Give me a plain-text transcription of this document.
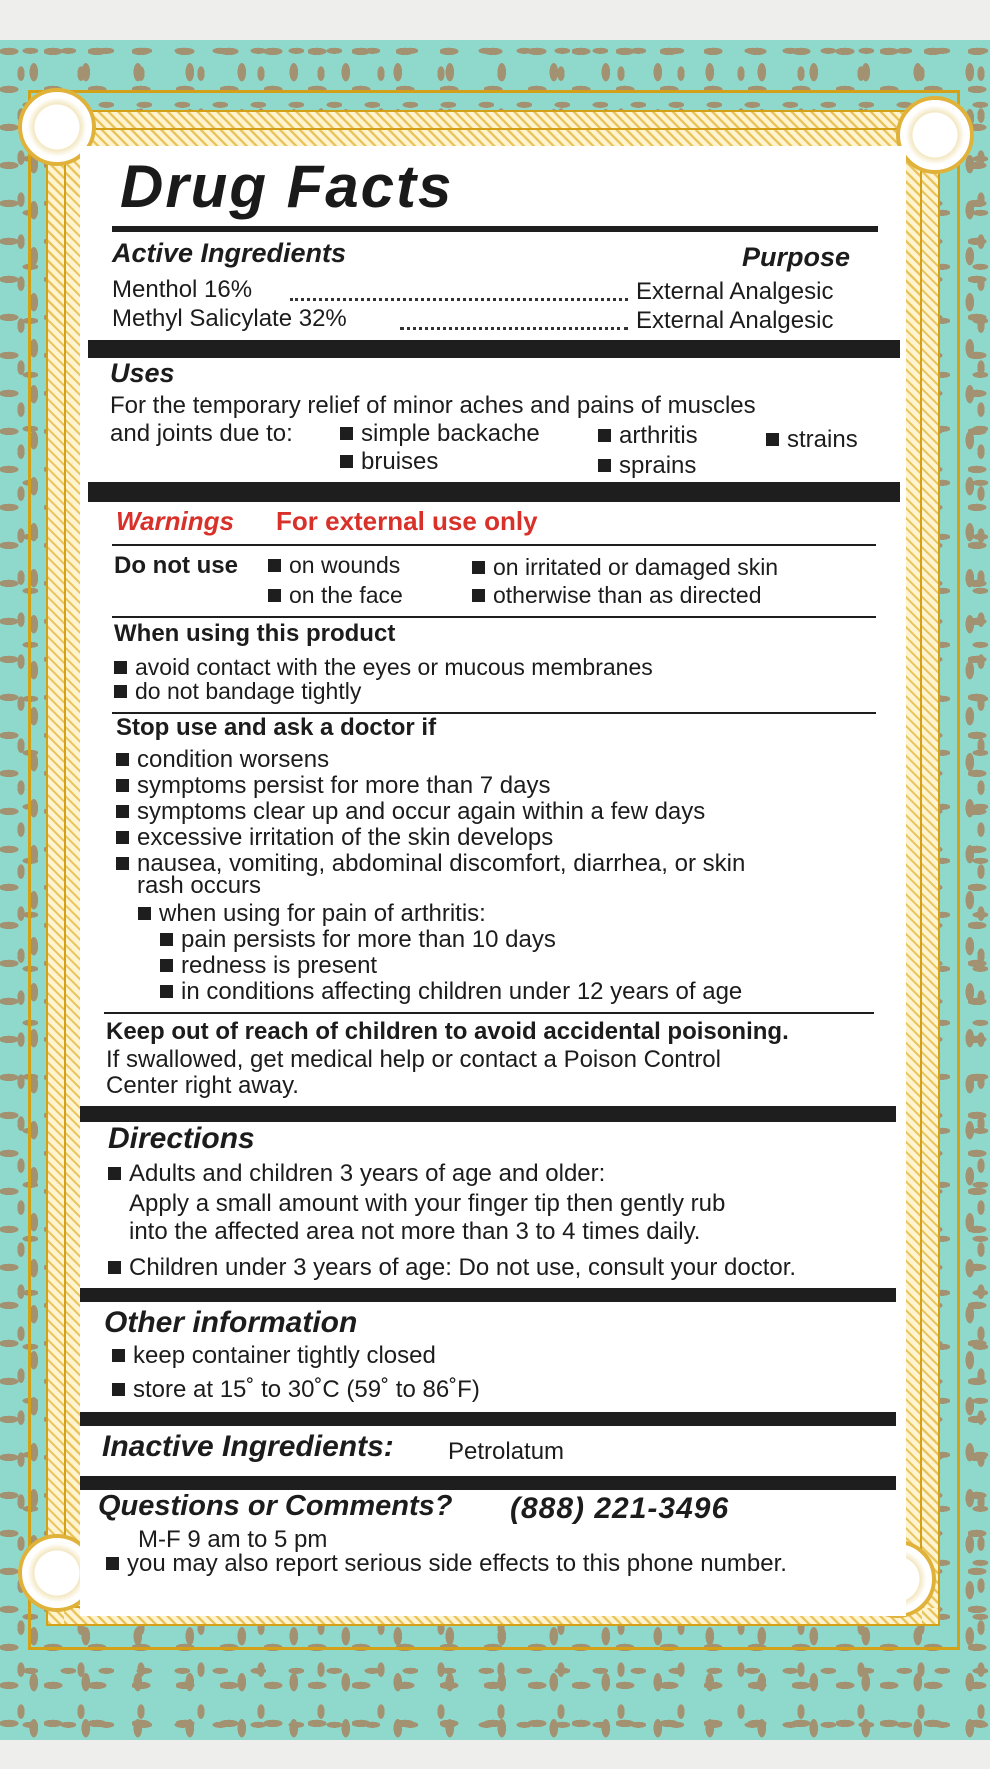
Drug Facts
Active Ingredients	Purpose
Menthol 16%	External Analgesic
Methyl Salicylate 32%	External Analgesic
Uses
For the temporary relief of minor aches and pains of muscles
and joints due to:	simple backache	arthritis	strains
bruises	sprains
Warnings For external use only
Do not use	on wounds	on irritated or damaged skin
on the face	otherwise than as directed
When using this product
avoid contact with the eyes or mucous membranes
do not bandage tightly
Stop use and ask a doctor if
condition worsens
symptoms persist for more than 7 days
symptoms clear up and occur again within a few days
excessive irritation of the skin develops
nausea, vomiting, abdominal discomfort, diarrhea, or skin
rash occurs
when using for pain of arthritis:
pain persists for more than 10 days
redness is present
in conditions affecting children under 12 years of age
Keep out of reach of children to avoid accidental poisoning.
If swallowed, get medical help or contact a Poison Control
Center right away.
Directions
Adults and children 3 years of age and older:
Apply a small amount with your finger tip then gently rub
into the affected area not more than 3 to 4 times daily.
Children under 3 years of age: Do not use, consult your doctor.
Other information
keep container tightly closed
store at 15˚ to 30˚C (59˚ to 86˚F)
Inactive Ingredients: Petrolatum
Questions or Comments? (888) 221-3496
M-F 9 am to 5 pm
you may also report serious side effects to this phone number.
